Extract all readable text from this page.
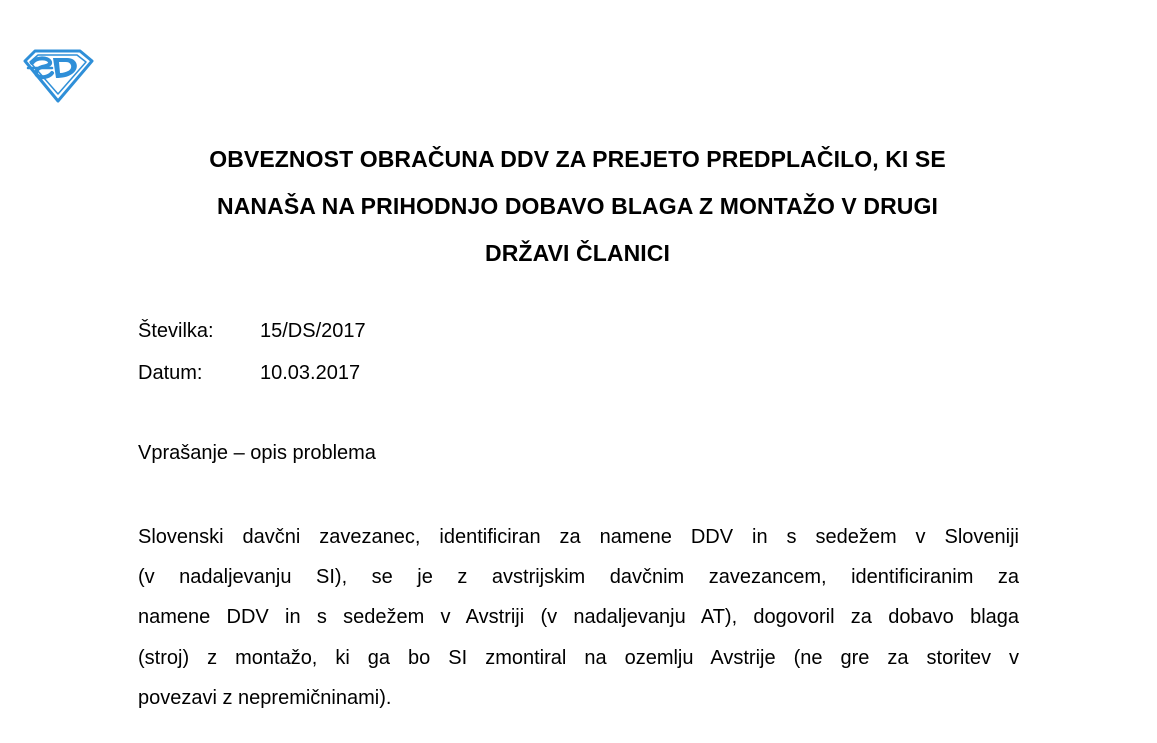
OBVEZNOST OBRAČUNA DDV ZA PREJETO PREDPLAČILO, KI SE
NANAŠA NA PRIHODNJO DOBAVO BLAGA Z MONTAŽO V DRUGI
DRŽAVI ČLANICI
Številka: 15/DS/2017
Datum:	10.03.2017
Vprašanje – opis problema
Slovenski davčni zavezanec, identificiran za namene DDV in s sedežem v Sloveniji
(v nadaljevanju SI), se je z avstrijskim davčnim zavezancem, identificiranim za
namene DDV in s sedežem v Avstriji (v nadaljevanju AT), dogovoril za dobavo blaga
(stroj) z montažo, ki ga bo SI zmontiral na ozemlju Avstrije (ne gre za storitev v
povezavi z nepremičninami).
